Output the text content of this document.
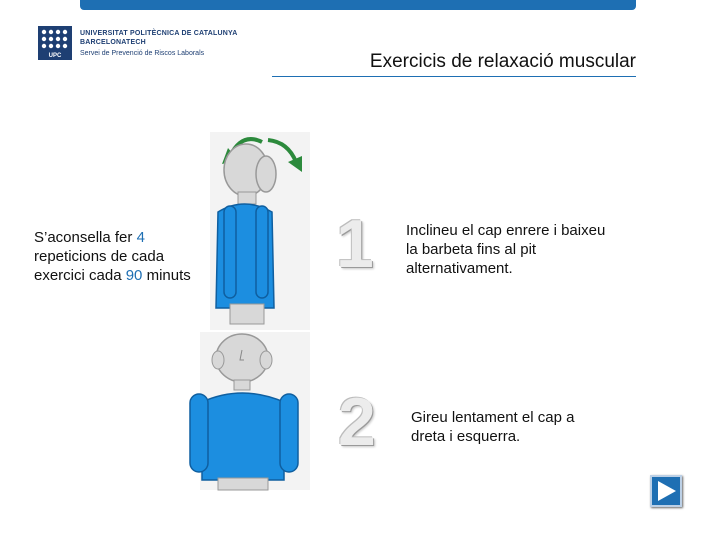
UPC
UNIVERSITAT POLITÈCNICA DE CATALUNYA
BARCELONATECH
Servei de Prevenció de Riscos Laborals	Exercicis de relaxació muscular
S’aconsella fer 4 repeticions de cada exercici cada 90 minuts 1 Inclineu el cap enrere i baixeu la barbeta fins al pit alternativament.
2 Gireu lentament el cap a dreta i esquerra.
